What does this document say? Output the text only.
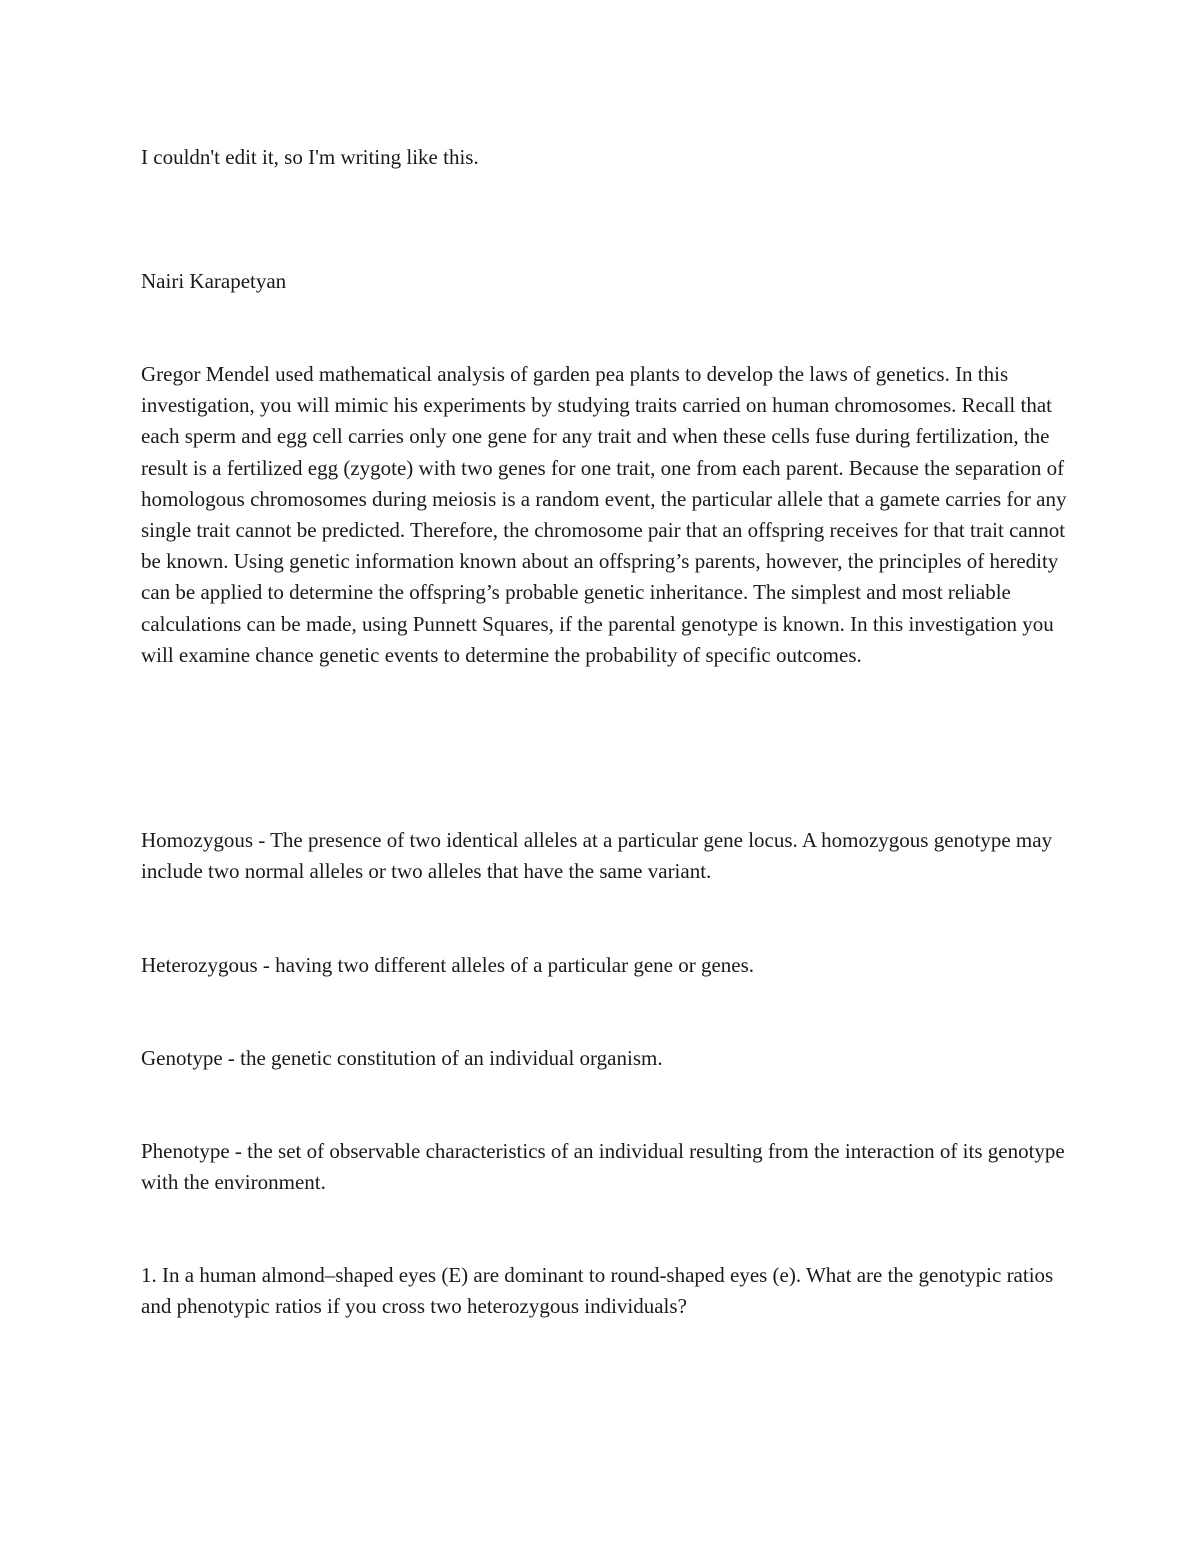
I couldn't edit it, so I'm writing like this.

Nairi Karapetyan

Gregor Mendel used mathematical analysis of garden pea plants to develop the laws of genetics. In this investigation, you will mimic his experiments by studying traits carried on human chromosomes. Recall that each sperm and egg cell carries only one gene for any trait and when these cells fuse during fertilization, the result is a fertilized egg (zygote) with two genes for one trait, one from each parent. Because the separation of homologous chromosomes during meiosis is a random event, the particular allele that a gamete carries for any single trait cannot be predicted. Therefore, the chromosome pair that an offspring receives for that trait cannot be known. Using genetic information known about an offspring’s parents, however, the principles of heredity can be applied to determine the offspring’s probable genetic inheritance. The simplest and most reliable calculations can be made, using Punnett Squares, if the parental genotype is known. In this investigation you will examine chance genetic events to determine the probability of specific outcomes.

Homozygous - The presence of two identical alleles at a particular gene locus. A homozygous genotype may include two normal alleles or two alleles that have the same variant.

Heterozygous - having two different alleles of a particular gene or genes.

Genotype - the genetic constitution of an individual organism.

Phenotype - the set of observable characteristics of an individual resulting from the interaction of its genotype with the environment.

1. In a human almond–shaped eyes (E) are dominant to round-shaped eyes (e). What are the genotypic ratios and phenotypic ratios if you cross two heterozygous individuals?
